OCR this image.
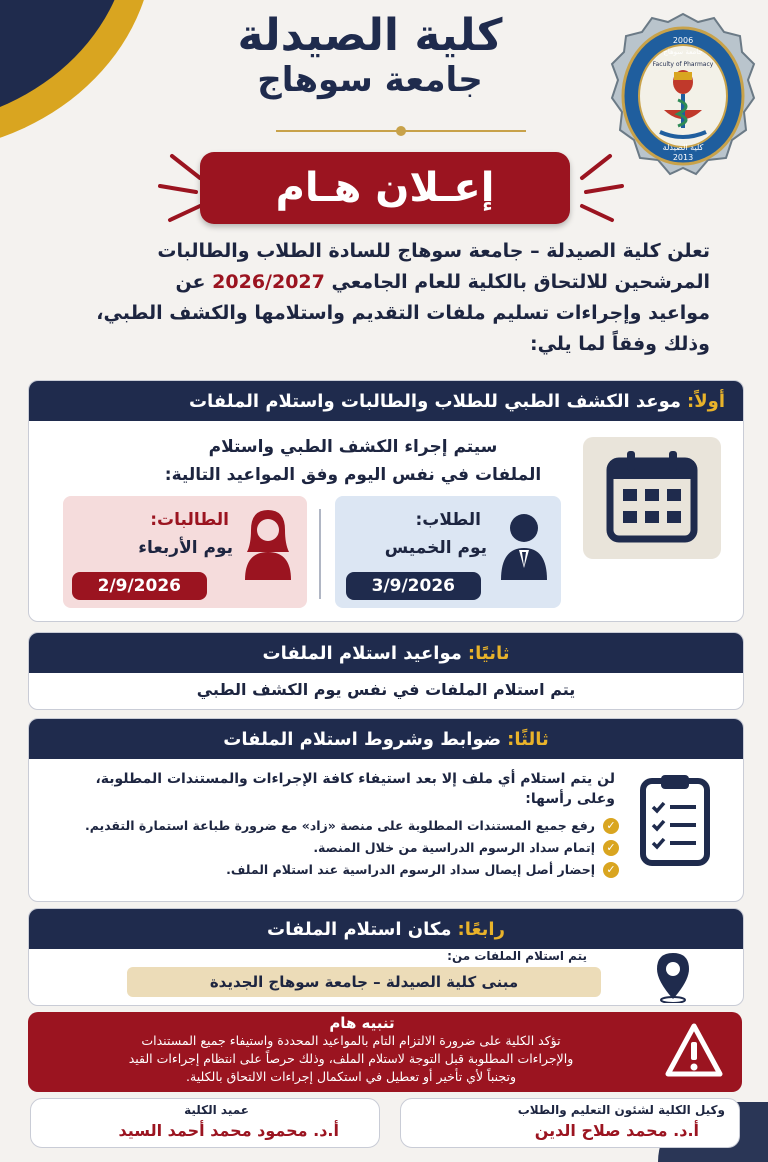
كلية الصيدلة
جامعة سوهاج
2006
2013
جامعة سوهاج
Faculty of Pharmacy
كلية الصيدلة
إعـلان هـام
تعلن كلية الصيدلة – جامعة سوهاج للسادة الطلاب والطالبات
المرشحين للالتحاق بالكلية للعام الجامعي 2026/2027 عن
مواعيد وإجراءات تسليم ملفات التقديم واستلامها والكشف الطبي،
وذلك وفقاً لما يلي:
أولاً:
موعد الكشف الطبي للطلاب والطالبات واستلام الملفات
سيتم إجراء الكشف الطبي واستلام
الملفات في نفس اليوم وفق المواعيد التالية:
الطلاب:
يوم الخميس
3/9/2026
الطالبات:
يوم الأربعاء
2/9/2026
ثانيًا:
مواعيد استلام الملفات
يتم استلام الملفات في نفس يوم الكشف الطبي
ثالثًا:
ضوابط وشروط استلام الملفات
لن يتم استلام أي ملف إلا بعد استيفاء كافة الإجراءات والمستندات المطلوبة،
وعلى رأسها:
✓
رفع جميع المستندات المطلوبة على منصة «زاد» مع ضرورة طباعة استمارة التقديم.
✓
إتمام سداد الرسوم الدراسية من خلال المنصة.
✓
إحضار أصل إيصال سداد الرسوم الدراسية عند استلام الملف.
رابعًا:
مكان استلام الملفات
يتم استلام الملفات من:
مبنى كلية الصيدلة – جامعة سوهاج الجديدة
تنبيه هام
تؤكد الكلية على ضرورة الالتزام التام بالمواعيد المحددة واستيفاء جميع المستندات
والإجراءات المطلوبة قبل التوجة لاستلام الملف، وذلك حرصاً على انتظام إجراءات القيد
وتجنباً لأي تأخير أو تعطيل في استكمال إجراءات الالتحاق بالكلية.
وكيل الكلية لشئون التعليم والطلاب
أ.د. محمد صلاح الدين
عميد الكلية
أ.د. محمود محمد أحمد السيد
